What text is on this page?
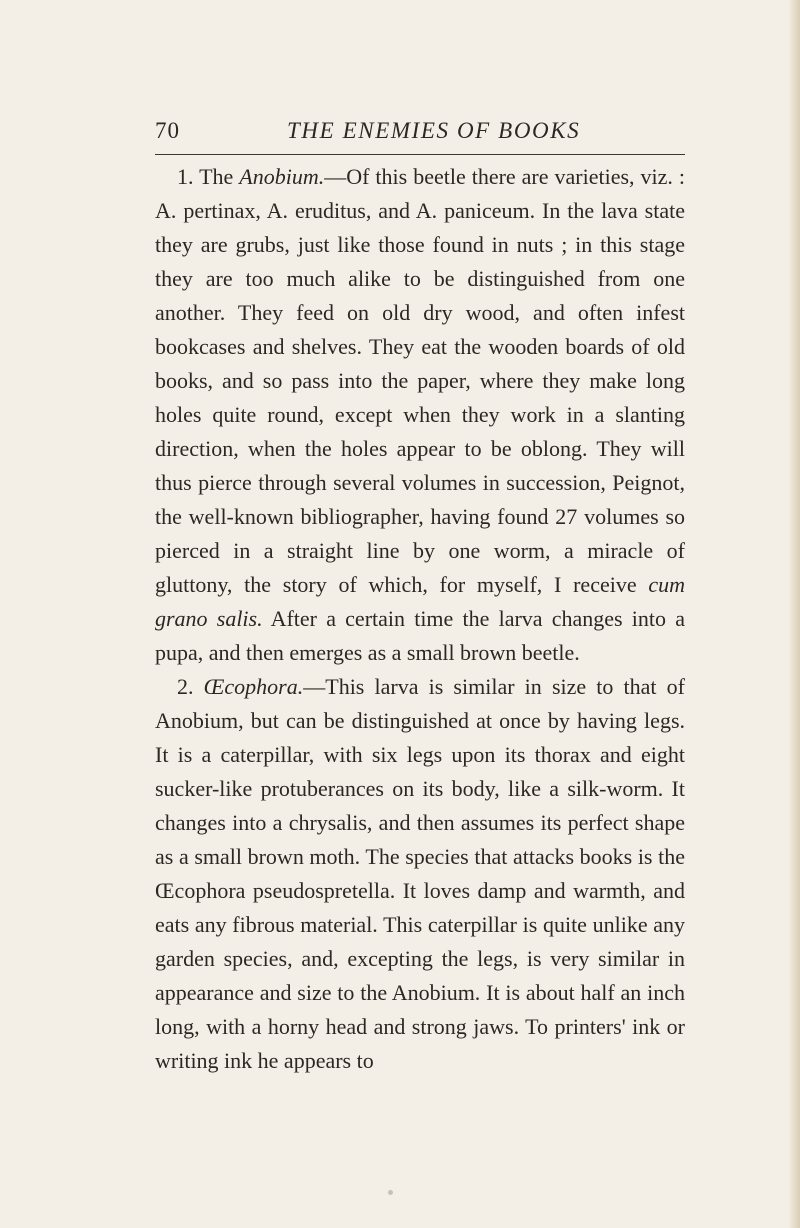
70	THE ENEMIES OF BOOKS

1. The Anobium.—Of this beetle there are varieties, viz. : A. pertinax, A. eruditus, and A. paniceum. In the lava state they are grubs, just like those found in nuts ; in this stage they are too much alike to be distinguished from one another. They feed on old dry wood, and often infest bookcases and shelves. They eat the wooden boards of old books, and so pass into the paper, where they make long holes quite round, except when they work in a slanting direction, when the holes appear to be oblong. They will thus pierce through several volumes in succession, Peignot, the well-known bibliographer, having found 27 volumes so pierced in a straight line by one worm, a miracle of gluttony, the story of which, for myself, I receive cum grano salis. After a certain time the larva changes into a pupa, and then emerges as a small brown beetle.

2. Œcophora.—This larva is similar in size to that of Anobium, but can be distinguished at once by having legs. It is a caterpillar, with six legs upon its thorax and eight sucker-like protuberances on its body, like a silk-worm. It changes into a chrysalis, and then assumes its perfect shape as a small brown moth. The species that attacks books is the Œcophora pseudospretella. It loves damp and warmth, and eats any fibrous material. This caterpillar is quite unlike any garden species, and, excepting the legs, is very similar in appearance and size to the Anobium. It is about half an inch long, with a horny head and strong jaws. To printers' ink or writing ink he appears to
